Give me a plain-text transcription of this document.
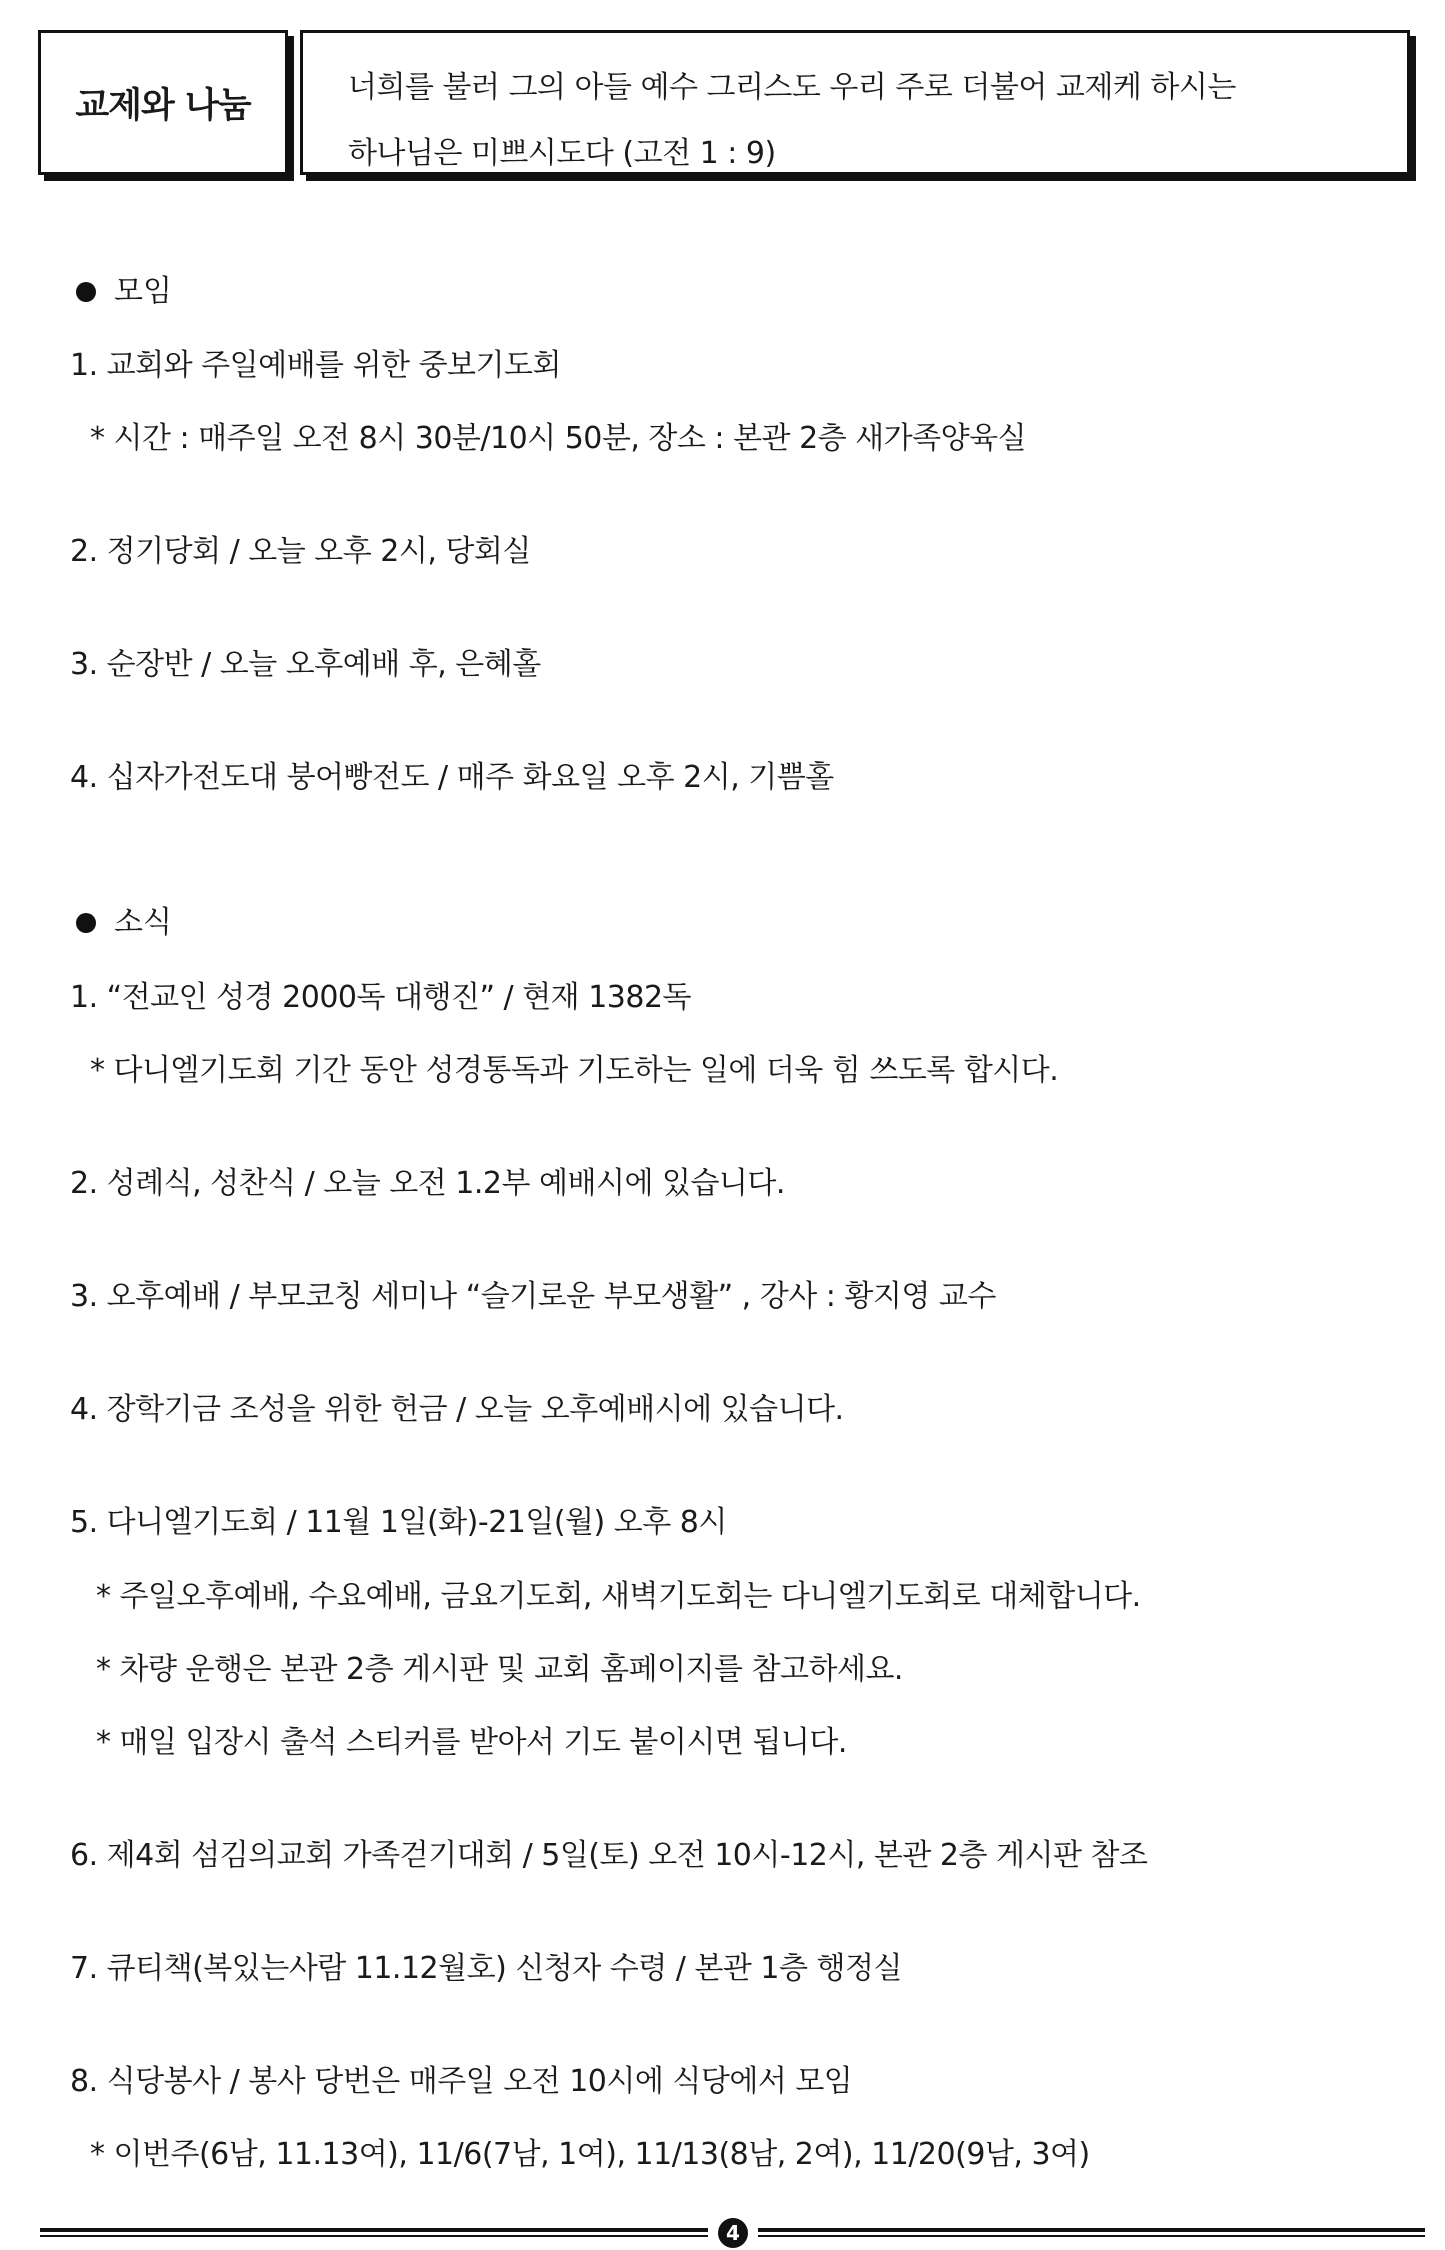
교제와 나눔	너희를 불러 그의 아들 예수 그리스도 우리 주로 더불어 교제케 하시는
하나님은 미쁘시도다 (고전 1 : 9)
모임
1. 교회와 주일예배를 위한 중보기도회
* 시간 : 매주일 오전 8시 30분/10시 50분, 장소 : 본관 2층 새가족양육실
2. 정기당회 / 오늘 오후 2시, 당회실
3. 순장반 / 오늘 오후예배 후, 은혜홀
4. 십자가전도대 붕어빵전도 / 매주 화요일 오후 2시, 기쁨홀
소식
1. “전교인 성경 2000독 대행진” / 현재 1382독
* 다니엘기도회 기간 동안 성경통독과 기도하는 일에 더욱 힘 쓰도록 합시다.
2. 성례식, 성찬식 / 오늘 오전 1.2부 예배시에 있습니다.
3. 오후예배 / 부모코칭 세미나 “슬기로운 부모생활” , 강사 : 황지영 교수
4. 장학기금 조성을 위한 헌금 / 오늘 오후예배시에 있습니다.
5. 다니엘기도회 / 11월 1일(화)-21일(월) 오후 8시
* 주일오후예배, 수요예배, 금요기도회, 새벽기도회는 다니엘기도회로 대체합니다.
* 차량 운행은 본관 2층 게시판 및 교회 홈페이지를 참고하세요.
* 매일 입장시 출석 스티커를 받아서 기도 붙이시면 됩니다.
6. 제4회 섬김의교회 가족걷기대회 / 5일(토) 오전 10시-12시, 본관 2층 게시판 참조
7. 큐티책(복있는사람 11.12월호) 신청자 수령 / 본관 1층 행정실
8. 식당봉사 / 봉사 당번은 매주일 오전 10시에 식당에서 모임
* 이번주(6남, 11.13여), 11/6(7남, 1여), 11/13(8남, 2여), 11/20(9남, 3여)
4
